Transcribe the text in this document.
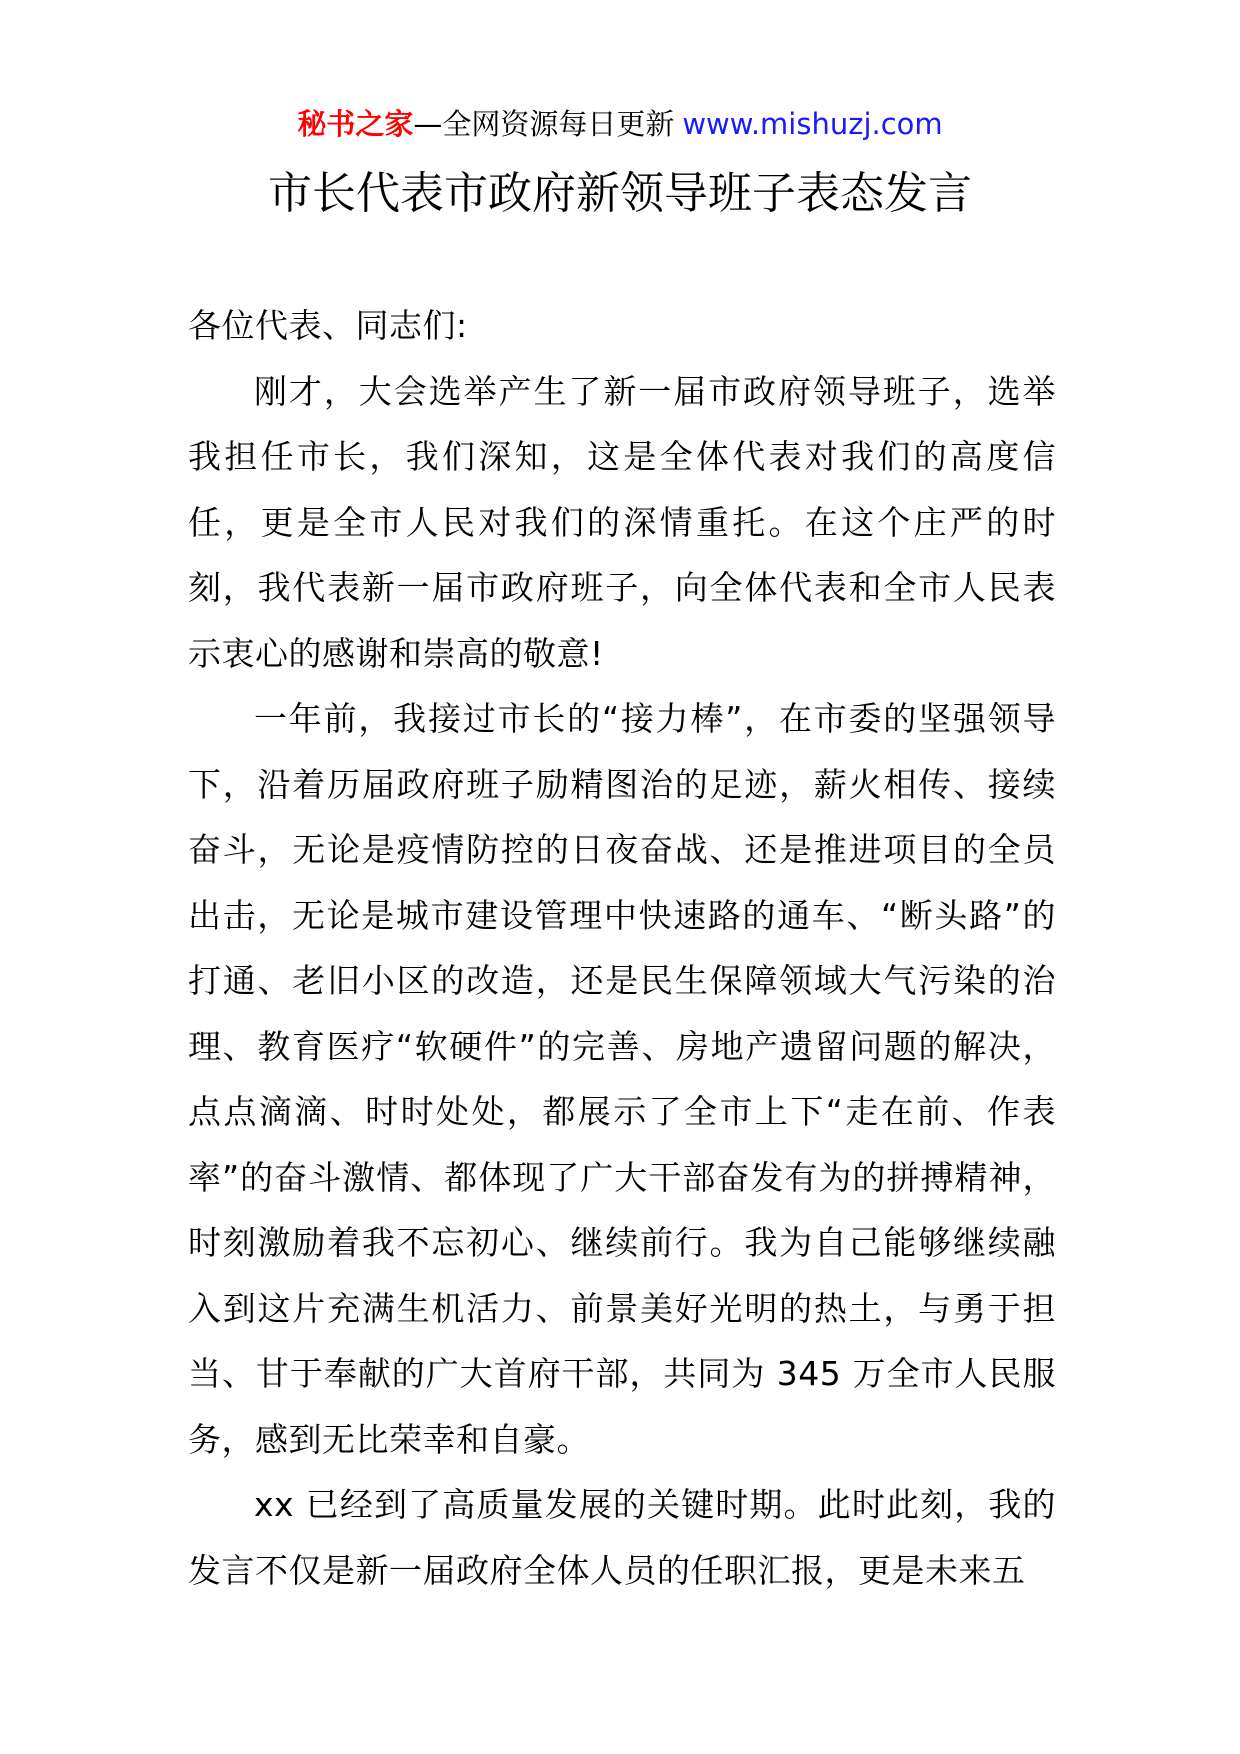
秘书之家—全网资源每日更新 www.mishuzj.com
市长代表市政府新领导班子表态发言

各位代表、同志们:

刚才，大会选举产生了新一届市政府领导班子，选举我担任市长，我们深知，这是全体代表对我们的高度信任，更是全市人民对我们的深情重托。在这个庄严的时刻，我代表新一届市政府班子，向全体代表和全市人民表示衷心的感谢和崇高的敬意!

一年前，我接过市长的“接力棒”，在市委的坚强领导下，沿着历届政府班子励精图治的足迹，薪火相传、接续奋斗，无论是疫情防控的日夜奋战、还是推进项目的全员出击，无论是城市建设管理中快速路的通车、“断头路”的打通、老旧小区的改造，还是民生保障领域大气污染的治理、教育医疗“软硬件”的完善、房地产遗留问题的解决，点点滴滴、时时处处，都展示了全市上下“走在前、作表率”的奋斗激情、都体现了广大干部奋发有为的拼搏精神，时刻激励着我不忘初心、继续前行。我为自己能够继续融入到这片充满生机活力、前景美好光明的热土，与勇于担当、甘于奉献的广大首府干部，共同为 345 万全市人民服务，感到无比荣幸和自豪。

xx 已经到了高质量发展的关键时期。此时此刻，我的发言不仅是新一届政府全体人员的任职汇报，更是未来五
